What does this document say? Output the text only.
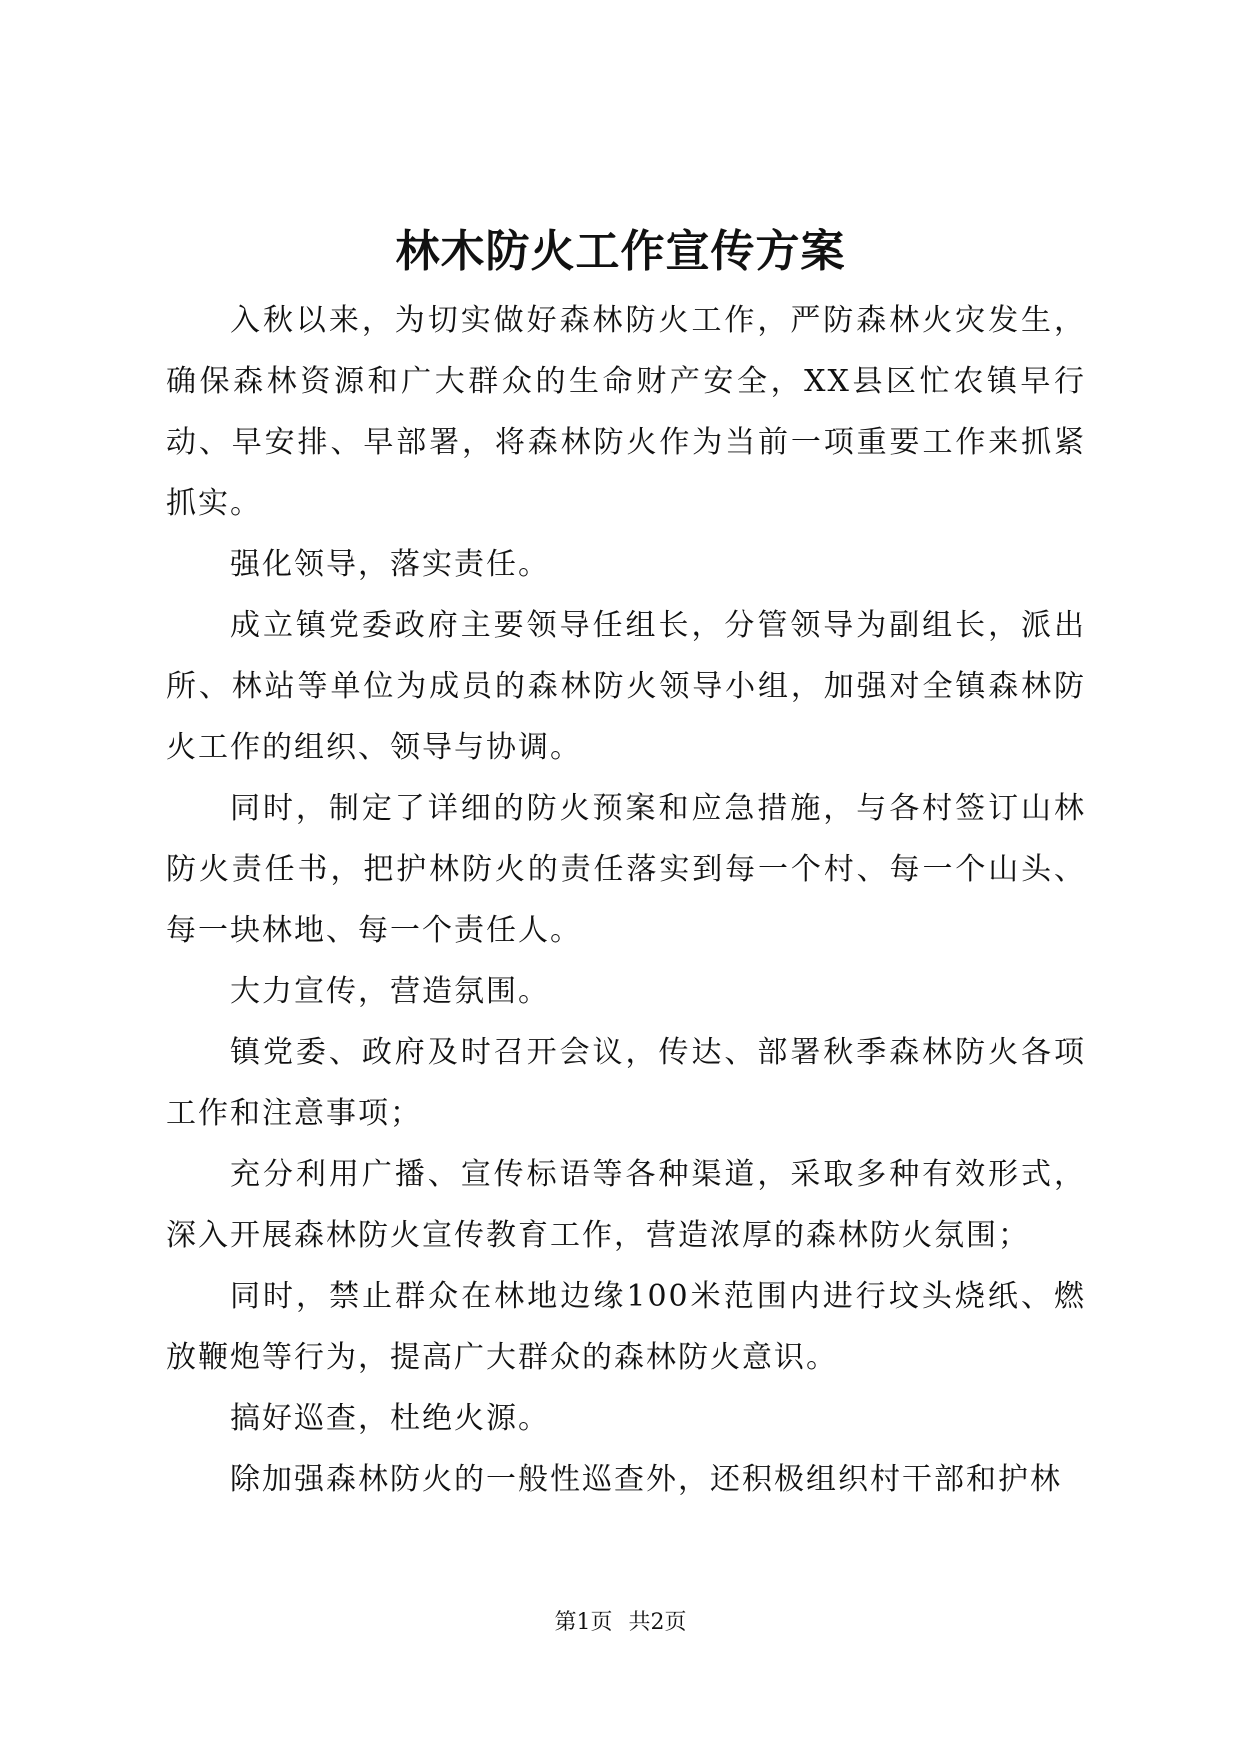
林木防火工作宣传方案

入秋以来，为切实做好森林防火工作，严防森林火灾发生，确保森林资源和广大群众的生命财产安全，XX县区忙农镇早行动、早安排、早部署，将森林防火作为当前一项重要工作来抓紧抓实。

强化领导，落实责任。

成立镇党委政府主要领导任组长，分管领导为副组长，派出所、林站等单位为成员的森林防火领导小组，加强对全镇森林防火工作的组织、领导与协调。

同时，制定了详细的防火预案和应急措施，与各村签订山林防火责任书，把护林防火的责任落实到每一个村、每一个山头、每一块林地、每一个责任人。

大力宣传，营造氛围。

镇党委、政府及时召开会议，传达、部署秋季森林防火各项工作和注意事项；

充分利用广播、宣传标语等各种渠道，采取多种有效形式，深入开展森林防火宣传教育工作，营造浓厚的森林防火氛围；

同时，禁止群众在林地边缘100米范围内进行坟头烧纸、燃放鞭炮等行为，提高广大群众的森林防火意识。

搞好巡查，杜绝火源。

除加强森林防火的一般性巡查外，还积极组织村干部和护林

第1页 共2页
